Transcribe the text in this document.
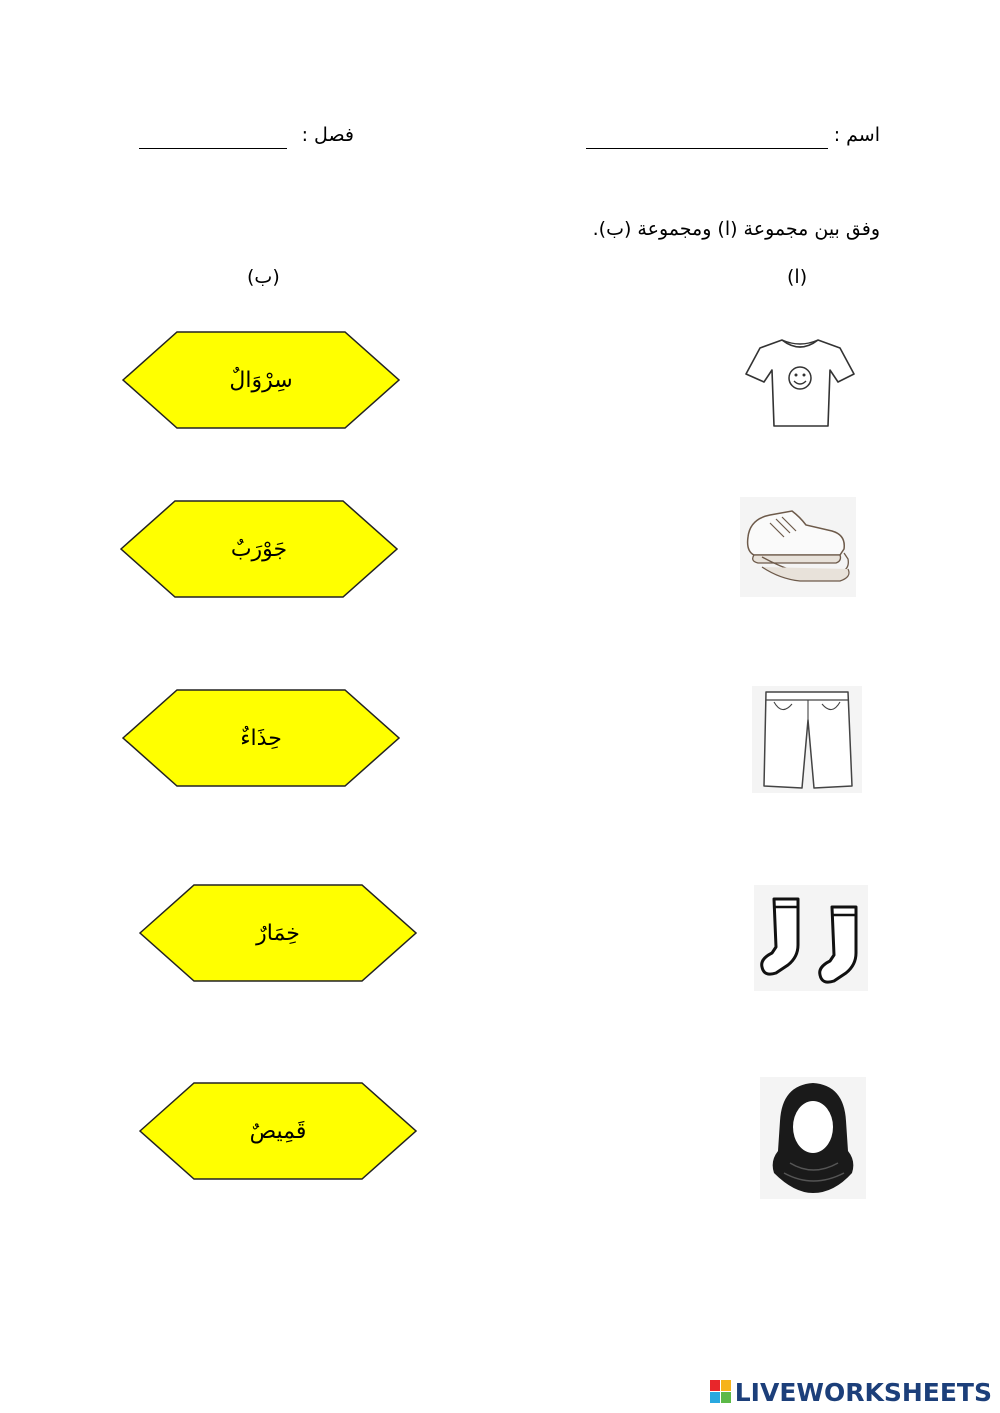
اسم :
فصل :
وفق بين مجموعة (ا) ومجموعة (ب).
(ا)
(ب)
سِرْوَالٌ
جَوْرَبٌ
حِذَاءٌ
خِمَارٌ
قَمِيصٌ
LIVEWORKSHEETS
